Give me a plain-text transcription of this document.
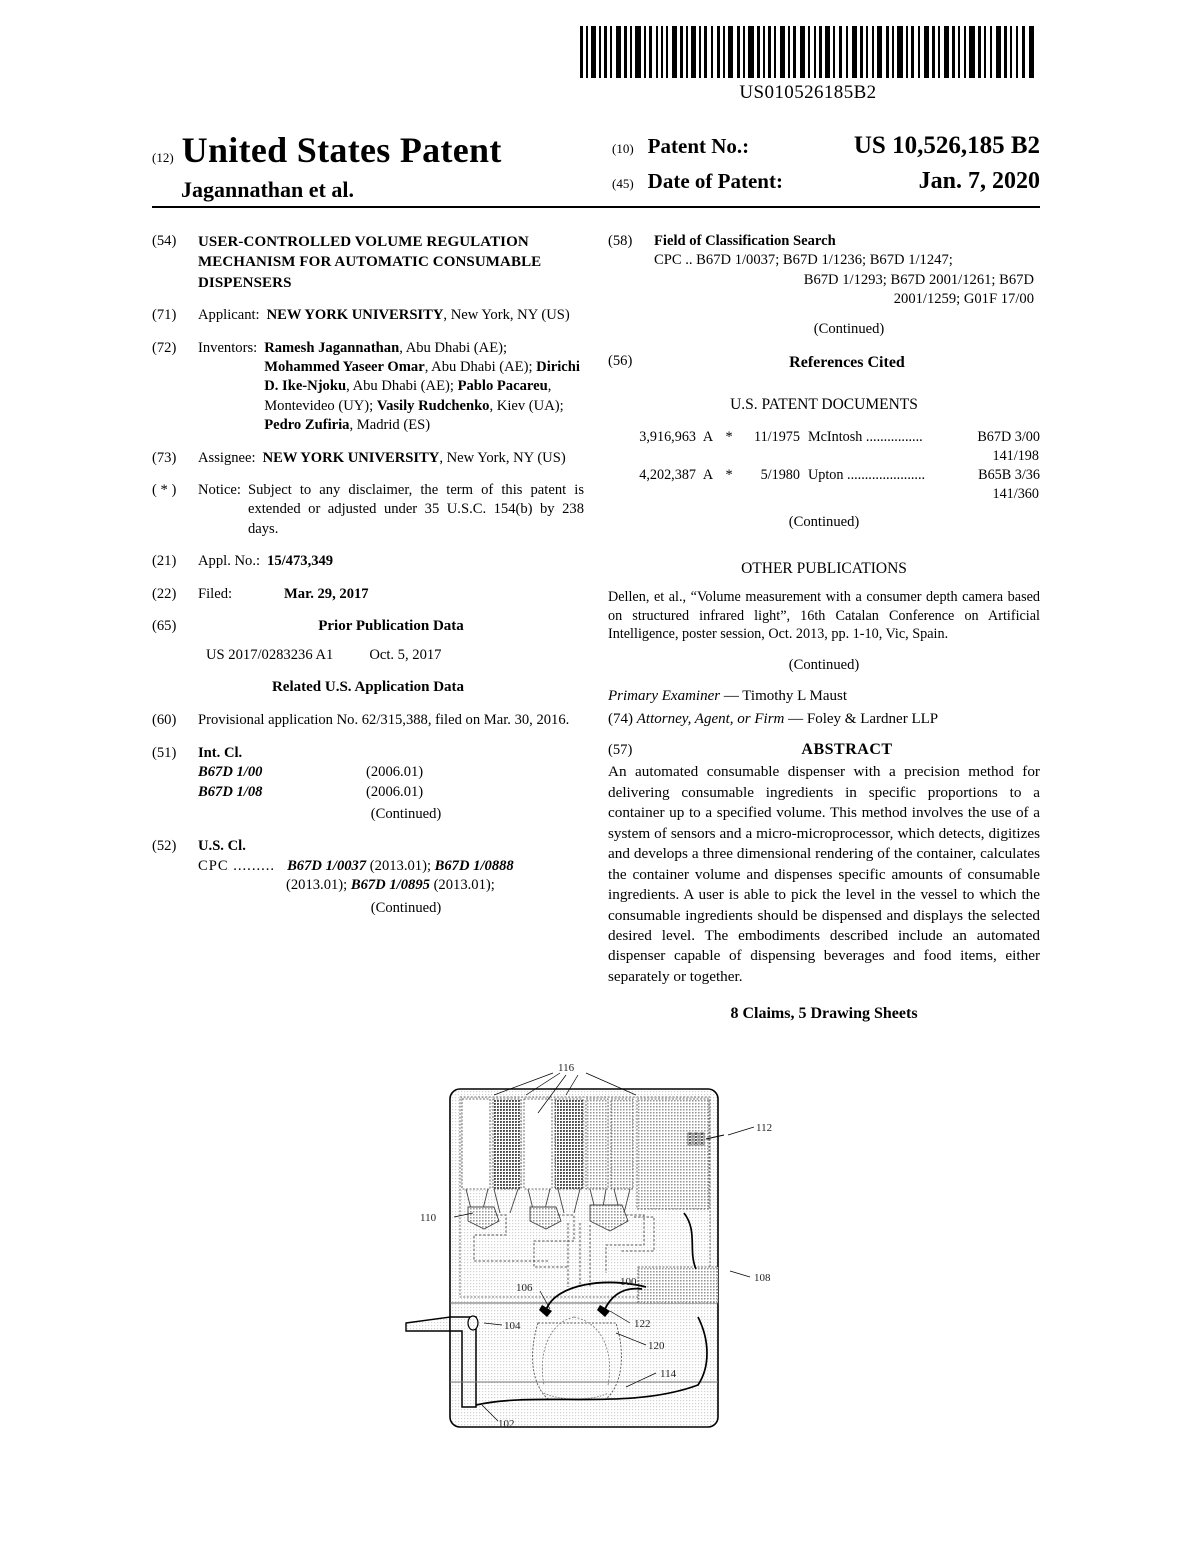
US010526185B2
(12) United States Patent
Jagannathan et al.
(10) Patent No.:	US 10,526,185 B2
(45) Date of Patent:	Jan. 7, 2020
(54)	USER-CONTROLLED VOLUME REGULATION MECHANISM FOR AUTOMATIC CONSUMABLE DISPENSERS
(71)	Applicant: NEW YORK UNIVERSITY, New York, NY (US)
(72)	Inventors: Ramesh Jagannathan, Abu Dhabi (AE); Mohammed Yaseer Omar, Abu Dhabi (AE); Dirichi D. Ike-Njoku, Abu Dhabi (AE); Pablo Pacareu, Montevideo (UY); Vasily Rudchenko, Kiev (UA); Pedro Zufiria, Madrid (ES)
(73)	Assignee: NEW YORK UNIVERSITY, New York, NY (US)
( * )	Notice: Subject to any disclaimer, the term of this patent is extended or adjusted under 35 U.S.C. 154(b) by 238 days.
(21)	Appl. No.: 15/473,349
(22)	Filed:	Mar. 29, 2017
(65)	Prior Publication Data
US 2017/0283236 A1 Oct. 5, 2017
Related U.S. Application Data
(60)	Provisional application No. 62/315,388, filed on Mar. 30, 2016.
(51)	Int. Cl.
B67D 1/00	(2006.01)
B67D 1/08	(2006.01)
(Continued)
(52)	U.S. Cl.
CPC ......... B67D 1/0037 (2013.01); B67D 1/0888
(2013.01); B67D 1/0895 (2013.01);
(Continued)
(58)	Field of Classification Search
CPC .. B67D 1/0037; B67D 1/1236; B67D 1/1247;
B67D 1/1293; B67D 2001/1261; B67D
2001/1259; G01F 17/00
(Continued)
(56)	References Cited
U.S. PATENT DOCUMENTS
3,916,963 A *	11/1975 McIntosh ................	B67D 3/00
141/198
4,202,387 A *	5/1980 Upton ......................	B65B 3/36
141/360
(Continued)
OTHER PUBLICATIONS
Dellen, et al., “Volume measurement with a consumer depth camera based on structured infrared light”, 16th Catalan Conference on Artificial Intelligence, poster session, Oct. 2013, pp. 1-10, Vic, Spain.
(Continued)
Primary Examiner — Timothy L Maust
(74) Attorney, Agent, or Firm — Foley & Lardner LLP
(57)	ABSTRACT
An automated consumable dispenser with a precision method for delivering consumable ingredients in specific proportions to a container up to a specified volume. This method involves the use of a system of sensors and a micro-microprocessor, which detects, digitizes and develops a three dimensional rendering of the container, calculates the container volume and dispenses specific amounts of consumable ingredients. A user is able to pick the level in the vessel to which the consumable ingredients should be dispensed and displays the selected desired level. The embodiments described include an automated dispenser capable of dispensing beverages and food items, either separately or together.
8 Claims, 5 Drawing Sheets
116
112
110
108
106	100
104	122
120
114
102
